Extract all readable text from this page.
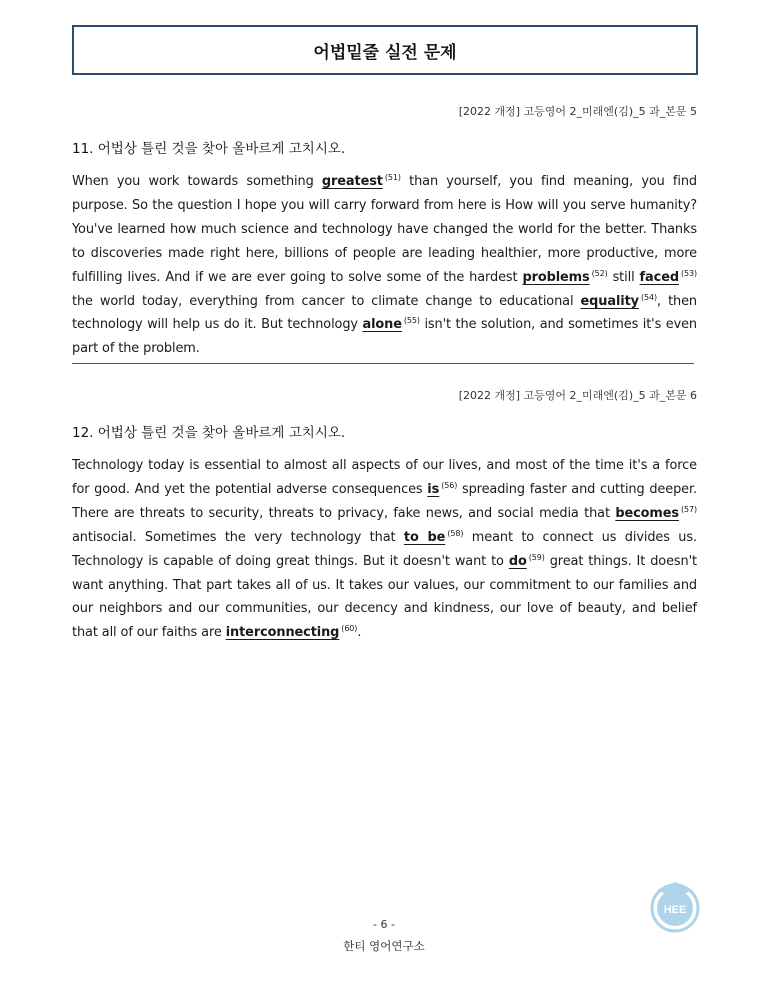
어법밑줄 실전 문제
[2022 개정] 고등영어 2_미래엔(김)_5 과_본문 5
11. 어법상 틀린 것을 찾아 올바르게 고치시오.
When you work towards something greatest $^{(51)}$ than yourself, you find meaning, you find purpose. So the question I hope you will carry forward from here is How will you serve humanity? You've learned how much science and technology have changed the world for the better. Thanks to discoveries made right here, billions of people are leading healthier, more productive, more fulfilling lives. And if we are ever going to solve some of the hardest problems $^{(52)}$ still faced $^{(53)}$ the world today, everything from cancer to climate change to educational equality $^{(54)}$, then technology will help us do it. But technology alone $^{(55)}$ isn't the solution, and sometimes it's even part of the problem.
[2022 개정] 고등영어 2_미래엔(김)_5 과_본문 6
12. 어법상 틀린 것을 찾아 올바르게 고치시오.
Technology today is essential to almost all aspects of our lives, and most of the time it's a force for good. And yet the potential adverse consequences is $^{(56)}$ spreading faster and cutting deeper. There are threats to security, threats to privacy, fake news, and social media that becomes $^{(57)}$ antisocial. Sometimes the very technology that to be $^{(58)}$ meant to connect us divides us. Technology is capable of doing great things. But it doesn't want to do $^{(59)}$ great things. It doesn't want anything. That part takes all of us. It takes our values, our commitment to our families and our neighbors and our communities, our decency and kindness, our love of beauty, and belief that all of our faiths are interconnecting $^{(60)}$.
- 6 -
한티 영어연구소
HEE
